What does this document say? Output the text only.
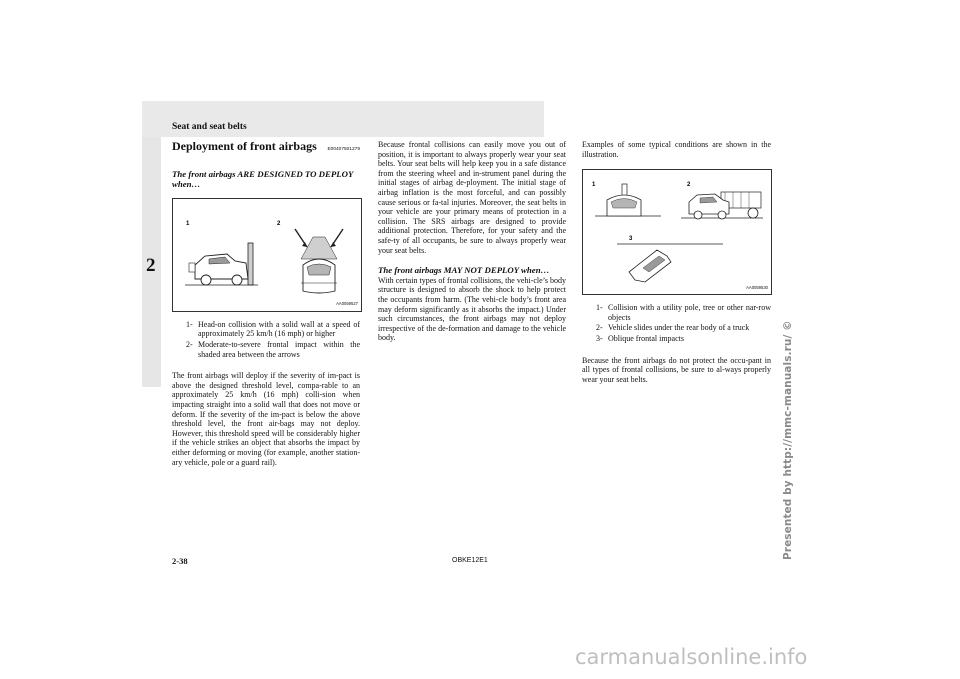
Seat and seat belts
2
Deployment of front airbags E00407501279
The front airbags ARE DESIGNED TO DEPLOY when…
1	2
AA0059527
1- Head-on collision with a solid wall at a speed of approximately 25 km/h (16 mph) or higher
2- Moderate-to-severe frontal impact within the shaded area between the arrows

The front airbags will deploy if the severity of im-pact is above the designed threshold level, compa-rable to an approximately 25 km/h (16 mph) colli-sion when impacting straight into a solid wall that does not move or deform. If the severity of the im-pact is below the above threshold level, the front air-bags may not deploy. However, this threshold speed will be considerably higher if the vehicle strikes an object that absorbs the impact by either deforming or moving (for example, another station-ary vehicle, pole or a guard rail).

Because frontal collisions can easily move you out of position, it is important to always properly wear your seat belts. Your seat belts will help keep you in a safe distance from the steering wheel and in-strument panel during the initial stages of airbag de-ployment. The initial stage of airbag inflation is the most forceful, and can possibly cause serious or fa-tal injuries. Moreover, the seat belts in your vehicle are your primary means of protection in a collision. The SRS airbags are designed to provide additional protection. Therefore, for your safety and the safe-ty of all occupants, be sure to always properly wear your seat belts.

The front airbags MAY NOT DEPLOY when…

With certain types of frontal collisions, the vehi-cle’s body structure is designed to absorb the shock to help protect the occupants from harm. (The vehi-cle body’s front area may deform significantly as it absorbs the impact.) Under such circumstances, the front airbags may not deploy irrespective of the de-formation and damage to the vehicle body.

Examples of some typical conditions are shown in the illustration.

1	2
3
AA0059530
1- Collision with a utility pole, tree or other nar-row objects
2- Vehicle slides under the rear body of a truck
3- Oblique frontal impacts

Because the front airbags do not protect the occu-pant in all types of frontal collisions, be sure to al-ways properly wear your seat belts.

2-38	OBKE12E1
Presented by http://mmc-manuals.ru/ ©
carmanualsonline.info
